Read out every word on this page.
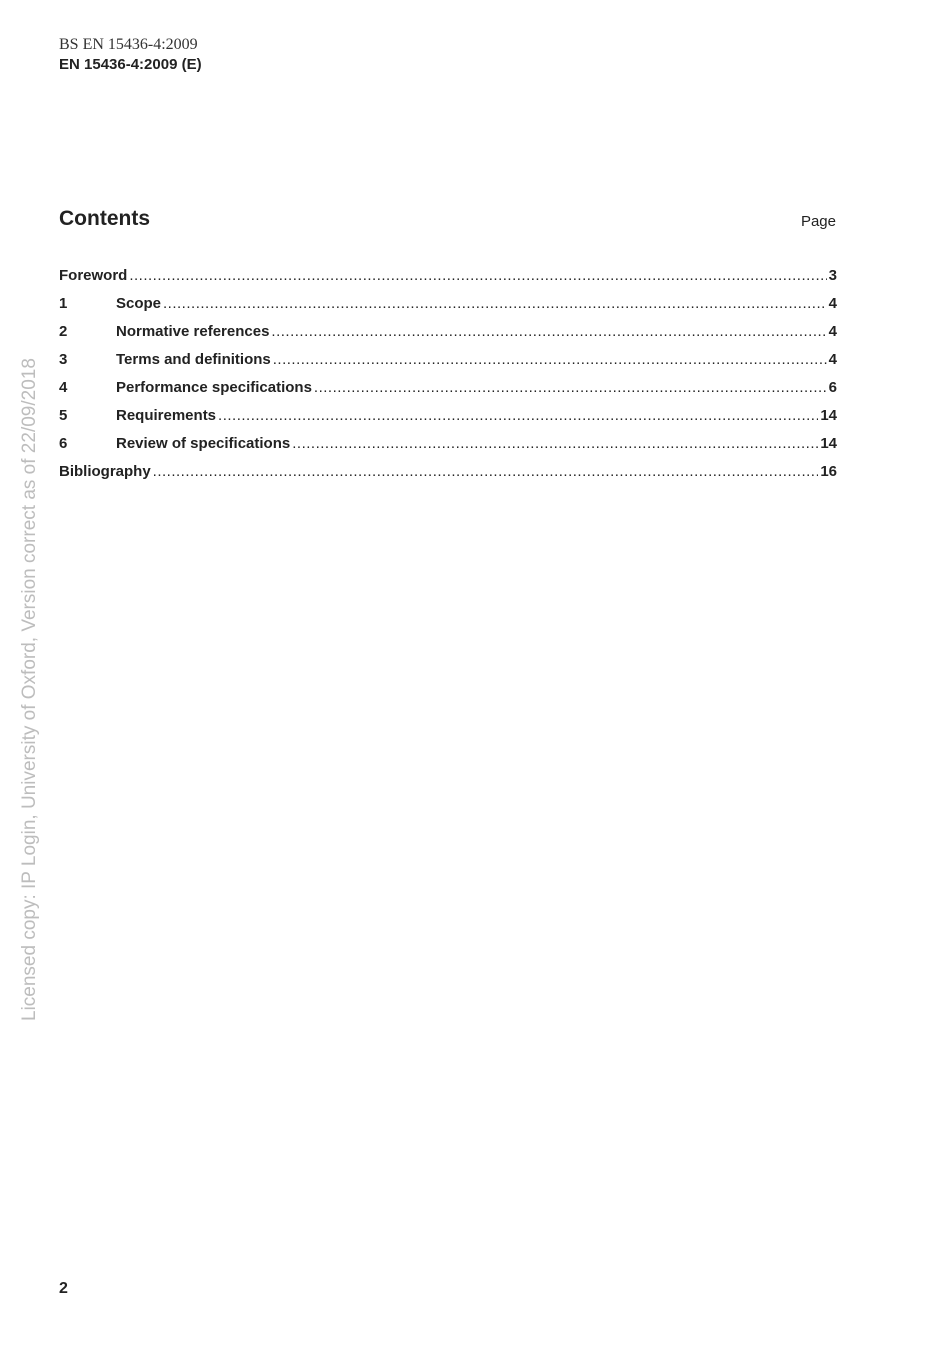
BS EN 15436-4:2009
EN 15436-4:2009 (E)
Contents	Page
Foreword .....	3
1	Scope .....	4
2	Normative references .....	4
3	Terms and definitions .....	4
4	Performance specifications .....	6
5	Requirements .....	14
6	Review of specifications .....	14
Bibliography .....	16
Licensed copy: IP Login, University of Oxford, Version correct as of 22/09/2018
2
